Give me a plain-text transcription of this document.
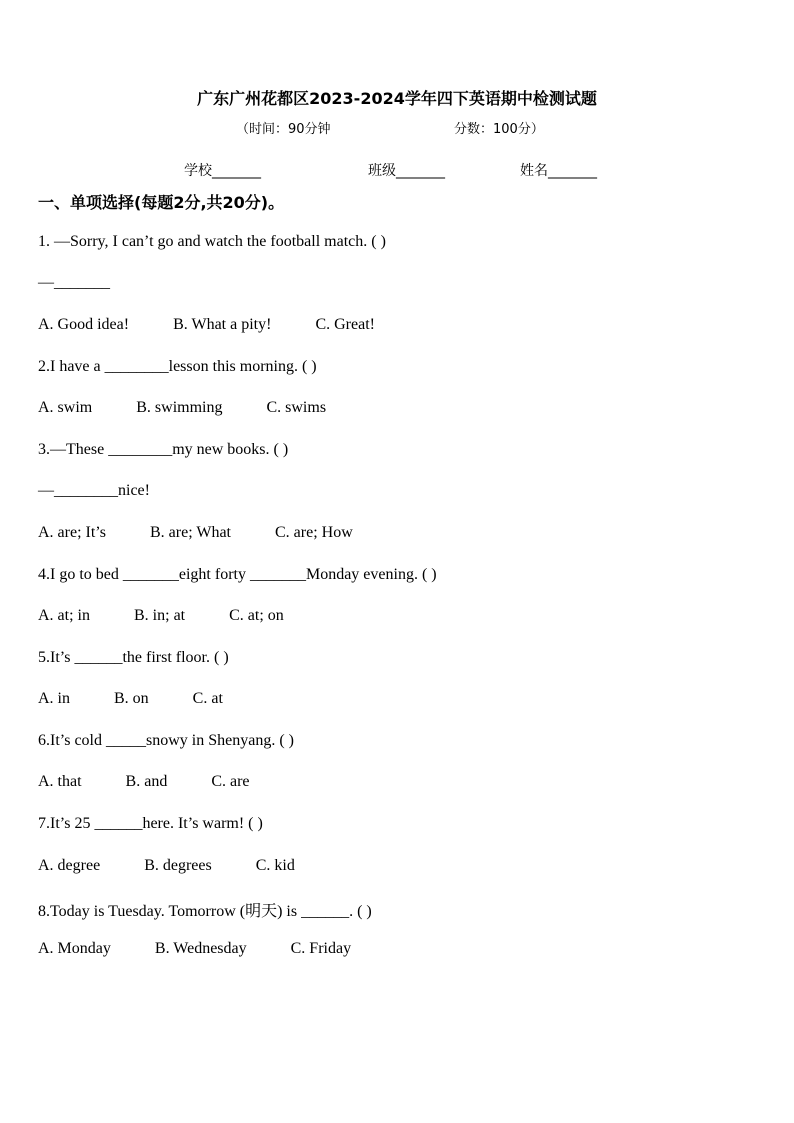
广东广州花都区2023-2024学年四下英语期中检测试题
（时间：90分钟	分数：100分）
学校_______	班级_______	姓名_______
一、单项选择(每题2分,共20分)。
1. —Sorry, I can’t go and watch the football match. ( )
—_______
A. Good idea!	B. What a pity!	C. Great!
2.I have a ________lesson this morning. ( )
A. swim	B. swimming	C. swims
3.—These ________my new books. ( )
—________nice!
A. are; It’s	B. are; What	C. are; How
4.I go to bed _______eight forty _______Monday evening. ( )
A. at; in	B. in; at	C. at; on
5.It’s ______the first floor. ( )
A. in	B. on	C. at
6.It’s cold _____snowy in Shenyang. ( )
A. that	B. and	C. are
7.It’s 25 ______here. It’s warm! ( )
A. degree	B. degrees	C. kid
8.Today is Tuesday. Tomorrow (明天) is ______. ( )
A. Monday	B. Wednesday	C. Friday
